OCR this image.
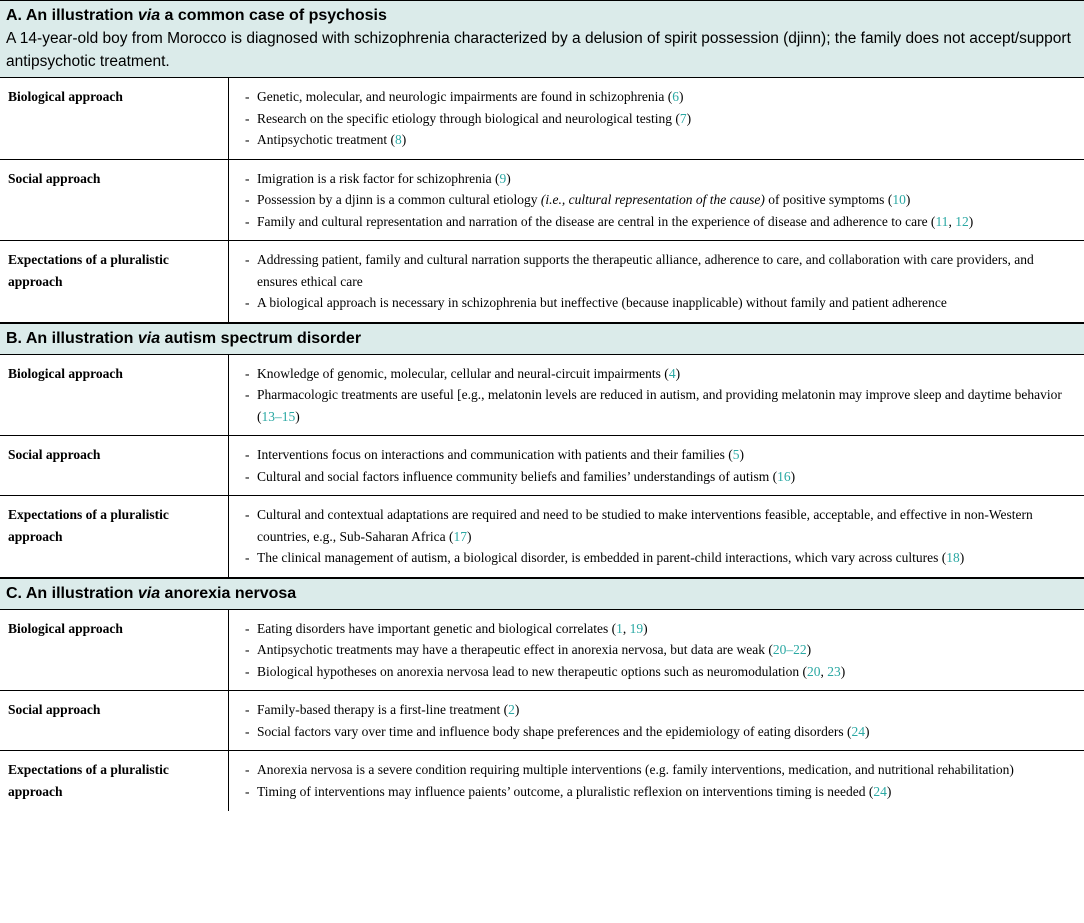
A. An illustration via a common case of psychosis
A 14-year-old boy from Morocco is diagnosed with schizophrenia characterized by a delusion of spirit possession (djinn); the family does not accept/support antipsychotic treatment.
Biological approach	- Genetic, molecular, and neurologic impairments are found in schizophrenia (6)
- Research on the specific etiology through biological and neurological testing (7)
- Antipsychotic treatment (8)
Social approach	- Imigration is a risk factor for schizophrenia (9)
- Possession by a djinn is a common cultural etiology (i.e., cultural representation of the cause) of positive symptoms (10)
- Family and cultural representation and narration of the disease are central in the experience of disease and adherence to care (11, 12)
Expectations of a pluralistic approach
- Addressing patient, family and cultural narration supports the therapeutic alliance, adherence to care, and collaboration with care providers, and ensures ethical care
- A biological approach is necessary in schizophrenia but ineffective (because inapplicable) without family and patient adherence
B. An illustration via autism spectrum disorder
Biological approach	- Knowledge of genomic, molecular, cellular and neural-circuit impairments (4)
- Pharmacologic treatments are useful [e.g., melatonin levels are reduced in autism, and providing melatonin may improve sleep and daytime behavior (13–15)
Social approach	- Interventions focus on interactions and communication with patients and their families (5)
- Cultural and social factors influence community beliefs and families’ understandings of autism (16)
Expectations of a pluralistic approach
- Cultural and contextual adaptations are required and need to be studied to make interventions feasible, acceptable, and effective in non-Western countries, e.g., Sub-Saharan Africa (17)
- The clinical management of autism, a biological disorder, is embedded in parent-child interactions, which vary across cultures (18)
C. An illustration via anorexia nervosa
Biological approach	- Eating disorders have important genetic and biological correlates (1, 19)
- Antipsychotic treatments may have a therapeutic effect in anorexia nervosa, but data are weak (20–22)
- Biological hypotheses on anorexia nervosa lead to new therapeutic options such as neuromodulation (20, 23)
Social approach	- Family-based therapy is a first-line treatment (2)
- Social factors vary over time and influence body shape preferences and the epidemiology of eating disorders (24)
Expectations of a pluralistic approach
- Anorexia nervosa is a severe condition requiring multiple interventions (e.g. family interventions, medication, and nutritional rehabilitation)
- Timing of interventions may influence paients’ outcome, a pluralistic reflexion on interventions timing is needed (24)
